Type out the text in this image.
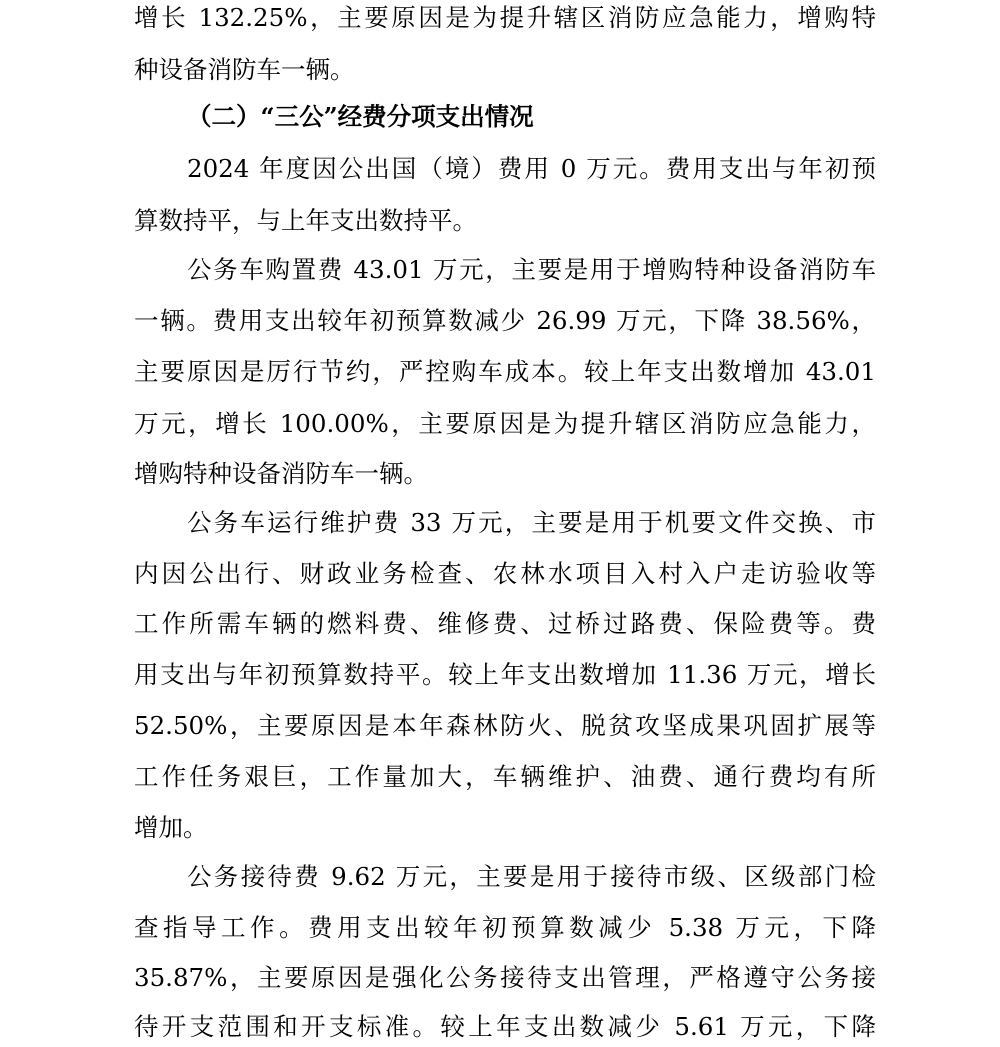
增长 132.25%，主要原因是为提升辖区消防应急能力，增购特
种设备消防车一辆。
（二）“三公”经费分项支出情况
2024 年度因公出国（境）费用 0 万元。费用支出与年初预
算数持平，与上年支出数持平。
公务车购置费 43.01 万元，主要是用于增购特种设备消防车
一辆。费用支出较年初预算数减少 26.99 万元，下降 38.56%，
主要原因是厉行节约，严控购车成本。较上年支出数增加 43.01
万元，增长 100.00%，主要原因是为提升辖区消防应急能力，
增购特种设备消防车一辆。
公务车运行维护费 33 万元，主要是用于机要文件交换、市
内因公出行、财政业务检查、农林水项目入村入户走访验收等
工作所需车辆的燃料费、维修费、过桥过路费、保险费等。费
用支出与年初预算数持平。较上年支出数增加 11.36 万元，增长
52.50%，主要原因是本年森林防火、脱贫攻坚成果巩固扩展等
工作任务艰巨，工作量加大，车辆维护、油费、通行费均有所
增加。
公务接待费 9.62 万元，主要是用于接待市级、区级部门检
查指导工作。费用支出较年初预算数减少 5.38 万元，下降
35.87%，主要原因是强化公务接待支出管理，严格遵守公务接
待开支范围和开支标准。较上年支出数减少 5.61 万元，下降
